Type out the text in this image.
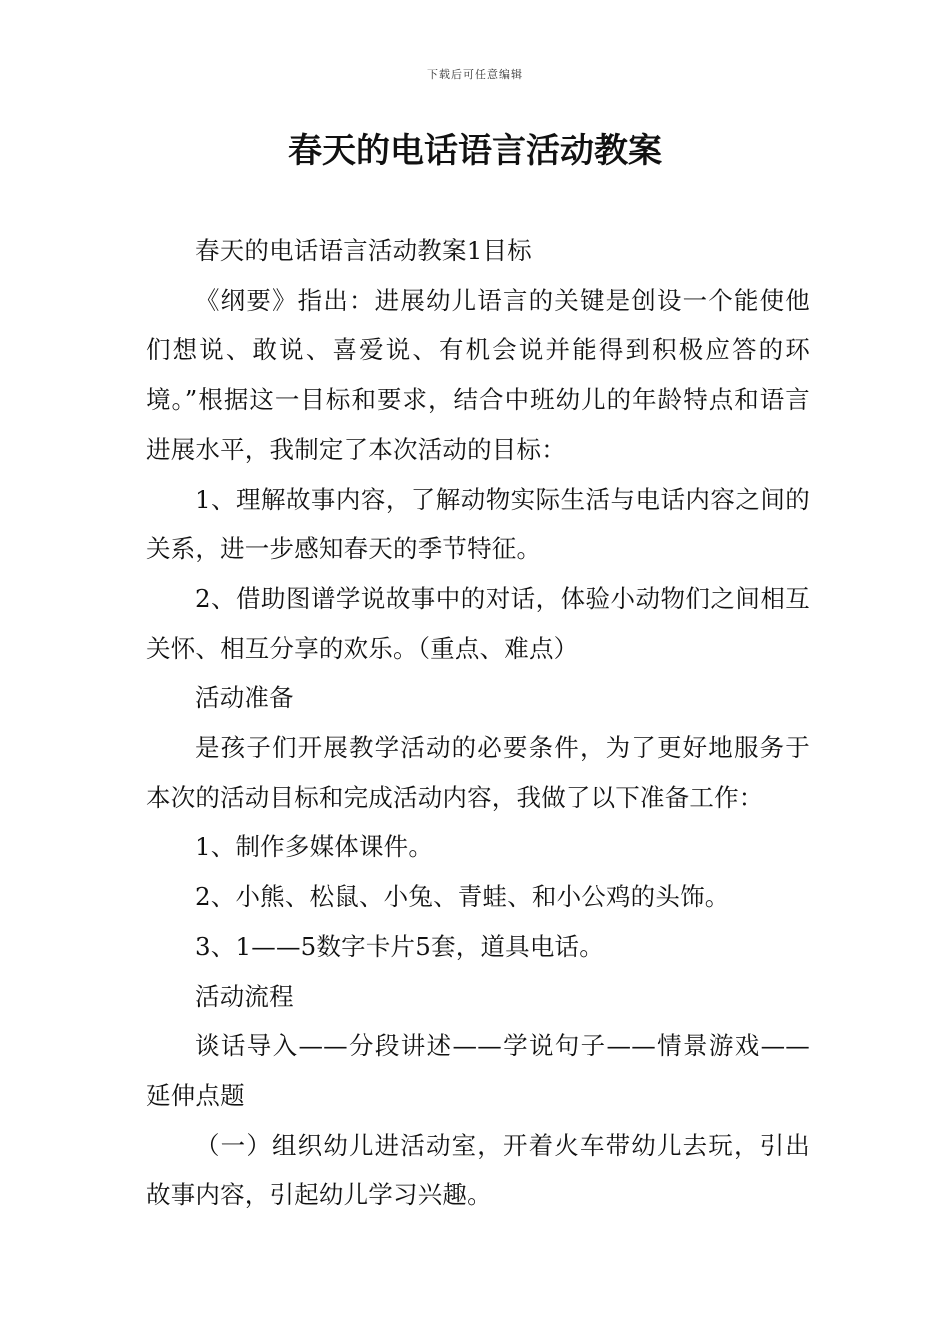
下载后可任意编辑
春天的电话语言活动教案

春天的电话语言活动教案1目标

《纲要》指出：进展幼儿语言的关键是创设一个能使他们想说、敢说、喜爱说、有机会说并能得到积极应答的环境。”根据这一目标和要求，结合中班幼儿的年龄特点和语言进展水平，我制定了本次活动的目标：

1、理解故事内容，了解动物实际生活与电话内容之间的关系，进一步感知春天的季节特征。

2、借助图谱学说故事中的对话，体验小动物们之间相互关怀、相互分享的欢乐。（重点、难点）

活动准备

是孩子们开展教学活动的必要条件，为了更好地服务于本次的活动目标和完成活动内容，我做了以下准备工作：

1、制作多媒体课件。

2、小熊、松鼠、小兔、青蛙、和小公鸡的头饰。

3、1——5数字卡片5套，道具电话。

活动流程

谈话导入——分段讲述——学说句子——情景游戏——延伸点题

（一）组织幼儿进活动室，开着火车带幼儿去玩，引出故事内容，引起幼儿学习兴趣。
